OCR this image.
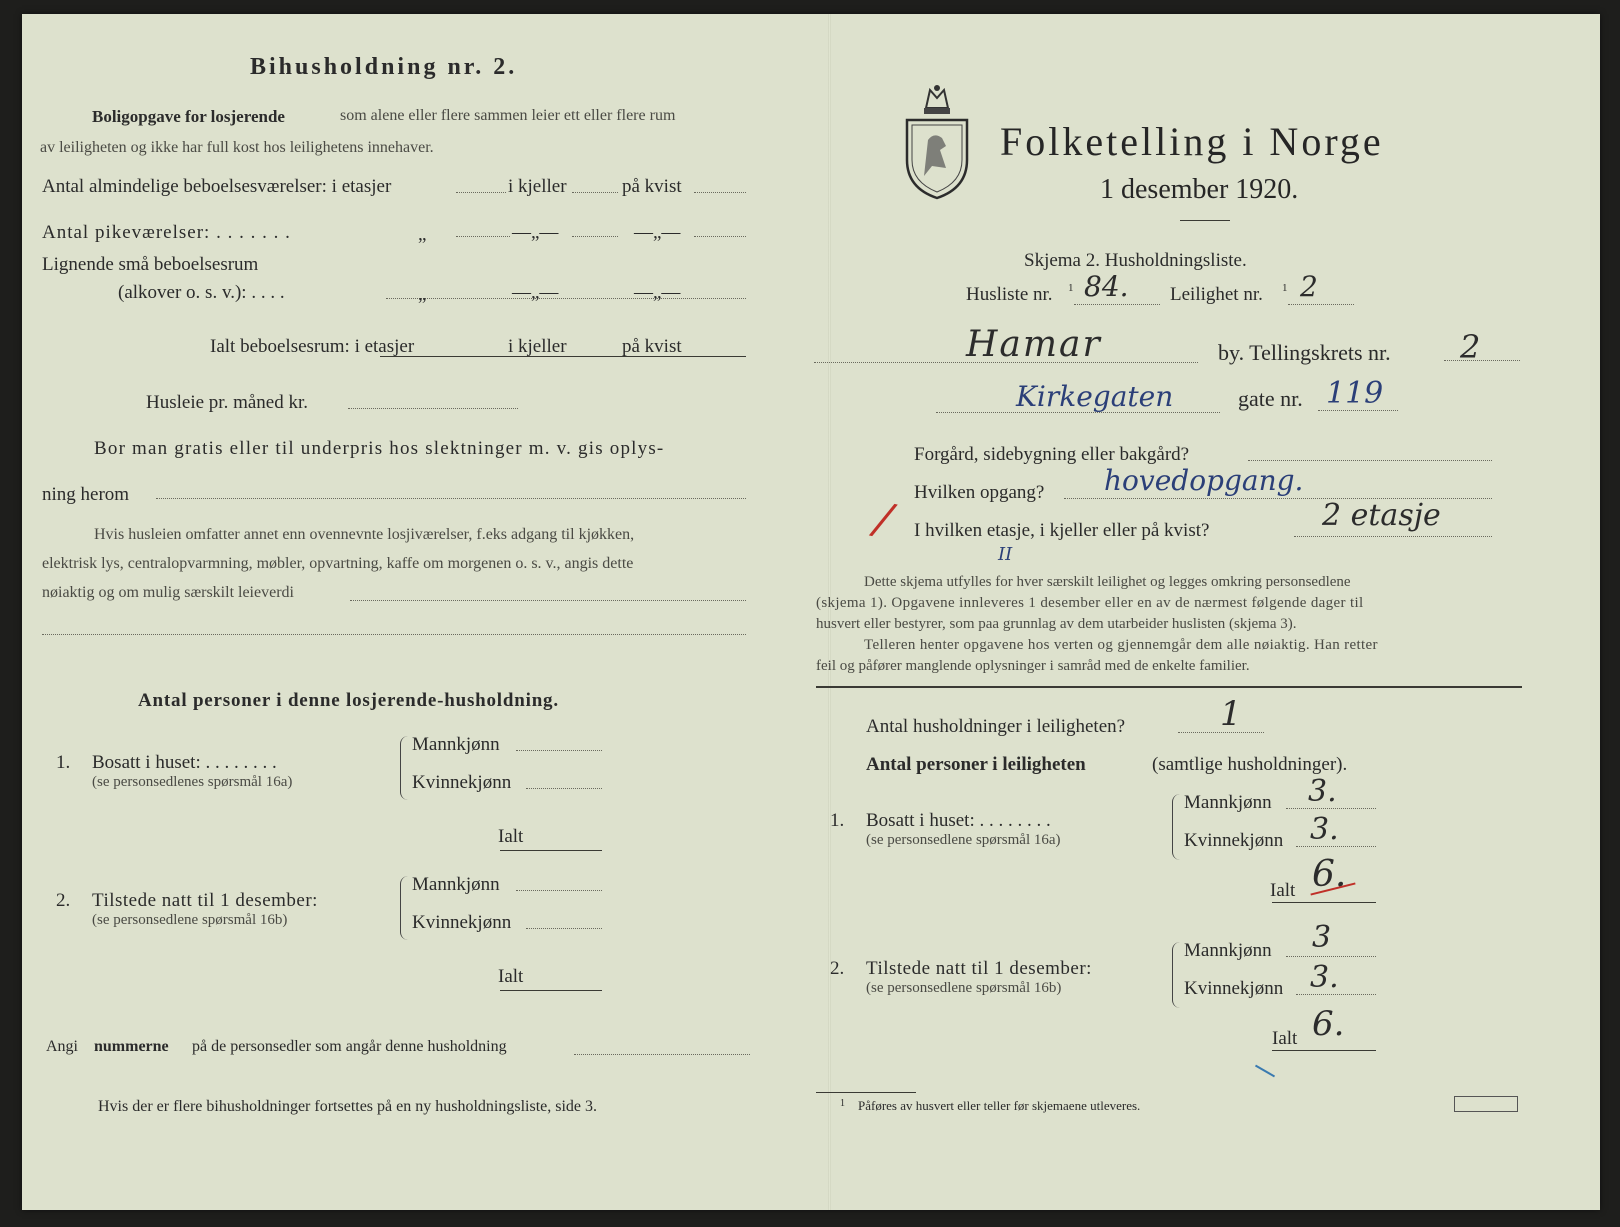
Bihusholdning nr. 2.
Boligopgave for losjerende	som alene eller flere sammen leier ett eller flere rum
av leiligheten og ikke har full kost hos leilighetens innehaver.
Antal almindelige beboelsesværelser: i etasjer	i kjeller	på kvist
Antal pikeværelser: . . . . . . .	„	—„—	—„—
Lignende små beboelsesrum
(alkover o. s. v.): . . . .	„	—„—	—„—
Ialt beboelsesrum: i etasjer	i kjeller	på kvist
Husleie pr. måned kr.
Bor man gratis eller til underpris hos slektninger m. v. gis oplys-
ning herom
Hvis husleien omfatter annet enn ovennevnte losjiværelser, f.eks adgang til kjøkken,
elektrisk lys, centralopvarmning, møbler, opvartning, kaffe om morgenen o. s. v., angis dette
nøiaktig og om mulig særskilt leieverdi
Antal personer i denne losjerende-husholdning.
1. Bosatt i huset: . . . . . . . .
(se personsedlenes spørsmål 16a)
Mannkjønn
Kvinnekjønn
Ialt
2. Tilstede natt til 1 desember:
(se personsedlene spørsmål 16b)
Mannkjønn
Kvinnekjønn
Ialt
Angi nummerne på de personsedler som angår denne husholdning
Hvis der er flere bihusholdninger fortsettes på en ny husholdningsliste, side 3.
Folketelling i Norge
1 desember 1920.
Skjema 2. Husholdningsliste.
Husliste nr. 1 84. Leilighet nr. 1 2
Hamar	by. Tellingskrets nr. 2
Kirkegaten	gate nr. 119
Forgård, sidebygning eller bakgård?
Hvilken opgang? hovedopgang.
/ I hvilken etasje, i kjeller eller på kvist?	2 etasje
II
Dette skjema utfylles for hver særskilt leilighet og legges omkring personsedlene
(skjema 1). Opgavene innleveres 1 desember eller en av de nærmest følgende dager til
husvert eller bestyrer, som paa grunnlag av dem utarbeider huslisten (skjema 3).
Telleren henter opgavene hos verten og gjennemgår dem alle nøiaktig. Han retter
feil og påfører manglende oplysninger i samråd med de enkelte familier.
Antal husholdninger i leiligheten?	1
Antal personer i leiligheten	(samtlige husholdninger).
1. Bosatt i huset: . . . . . . . .
(se personsedlene spørsmål 16a)
Mannkjønn 3.
Kvinnekjønn 3.
Ialt 6.
2. Tilstede natt til 1 desember:
(se personsedlene spørsmål 16b)
Mannkjønn 3
Kvinnekjønn 3.
Ialt 6.
1 Påføres av husvert eller teller før skjemaene utleveres.
